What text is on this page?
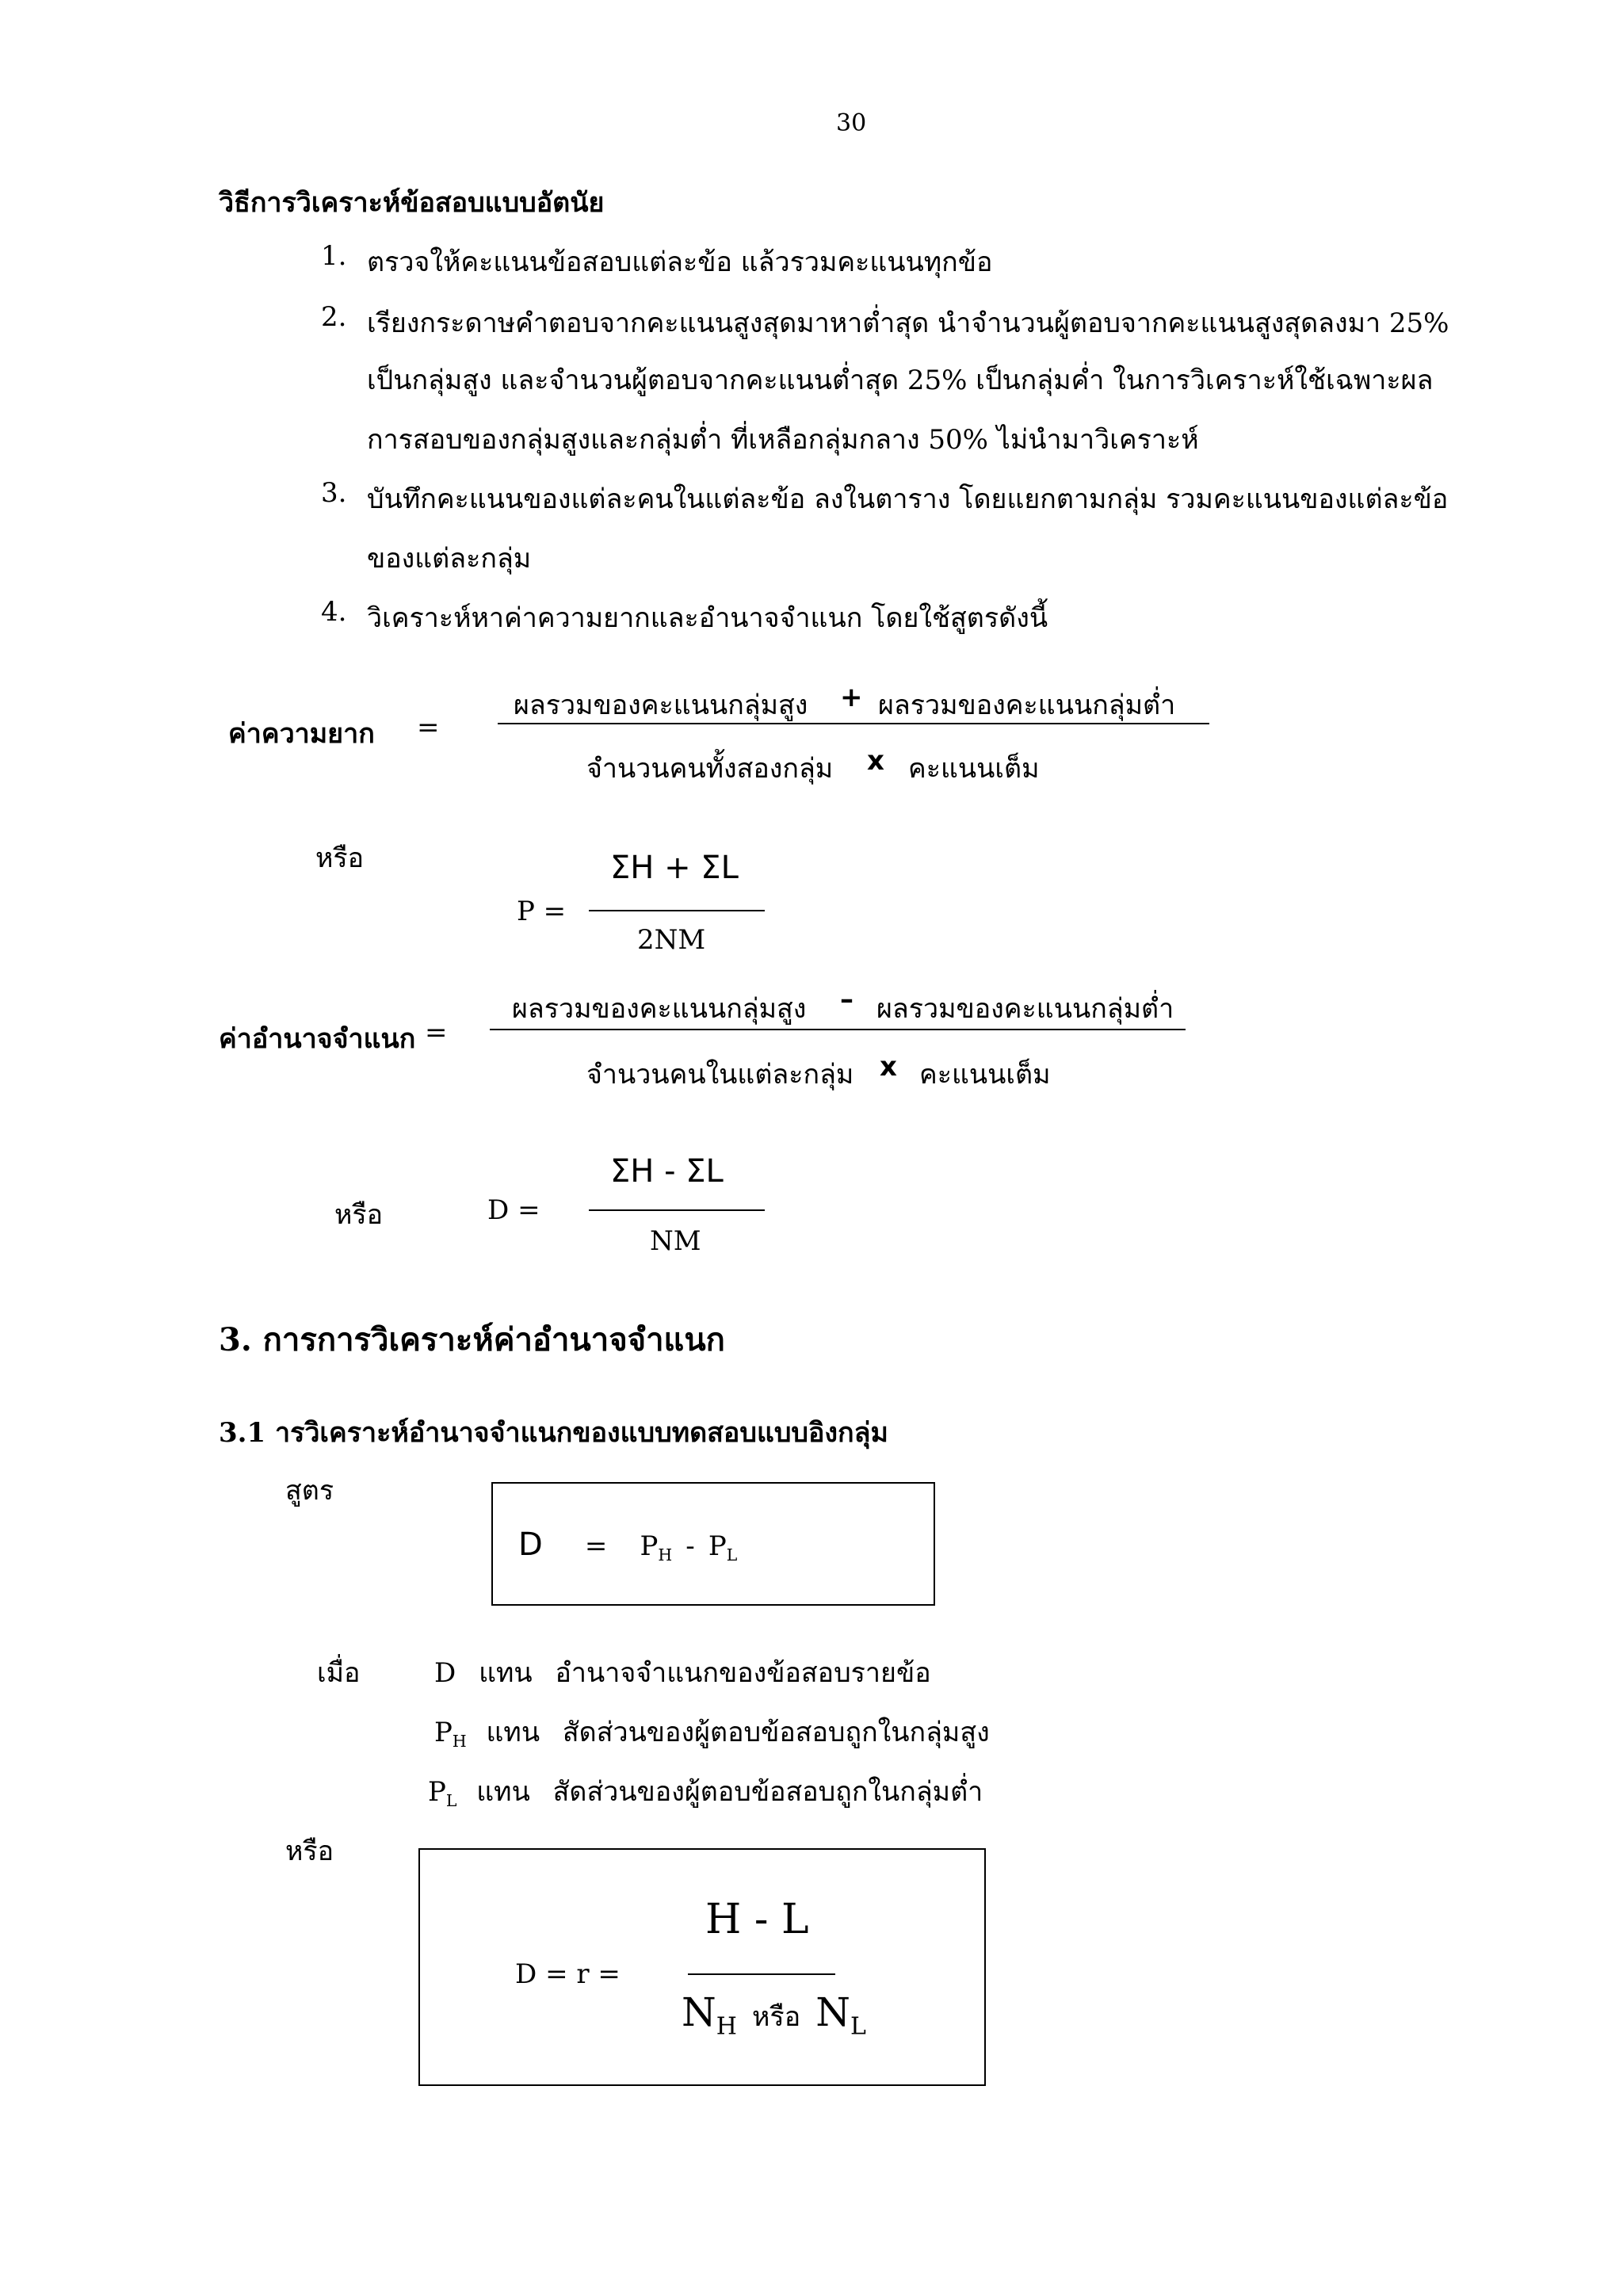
30
วิธีการวิเคราะห์ข้อสอบแบบอัตนัย
1. ตรวจให้คะแนนข้อสอบแต่ละข้อ แล้วรวมคะแนนทุกข้อ
2. เรียงกระดาษคำตอบจากคะแนนสูงสุดมาหาต่ำสุด นำจำนวนผู้ตอบจากคะแนนสูงสุดลงมา 25%
เป็นกลุ่มสูง และจำนวนผู้ตอบจากคะแนนต่ำสุด 25% เป็นกลุ่มค่ำ ในการวิเคราะห์ใช้เฉพาะผล
การสอบของกลุ่มสูงและกลุ่มต่ำ ที่เหลือกลุ่มกลาง 50% ไม่นำมาวิเคราะห์
3. บันทึกคะแนนของแต่ละคนในแต่ละข้อ ลงในตาราง โดยแยกตามกลุ่ม รวมคะแนนของแต่ละข้อ
ของแต่ละกลุ่ม
4. วิเคราะห์หาค่าความยากและอำนาจจำแนก โดยใช้สูตรดังนี้
ค่าความยาก =
ผลรวมของคะแนนกลุ่มสูง + ผลรวมของคะแนนกลุ่มต่ำ
จำนวนคนทั้งสองกลุ่ม x คะแนนเต็ม
หรือ
P =
ΣH + ΣL
2NM
ค่าอำนาจจำแนก =
ผลรวมของคะแนนกลุ่มสูง – ผลรวมของคะแนนกลุ่มต่ำ
จำนวนคนในแต่ละกลุ่ม x คะแนนเต็ม
หรือ	D =
ΣH - ΣL
NM
3. การการวิเคราะห์ค่าอำนาจจำแนก
3.1 ารวิเคราะห์อำนาจจำแนกของแบบทดสอบแบบอิงกลุ่ม
สูตร
$D = P_H - P_L$
เมื่อ	D แทน อำนาจจำแนกของข้อสอบรายข้อ
$P_H$ แทน สัดส่วนของผู้ตอบข้อสอบถูกในกลุ่มสูง
$P_L$ แทน สัดส่วนของผู้ตอบข้อสอบถูกในกลุ่มต่ำ
หรือ
D = r =
H - L
$N_H$ หรือ $N_L$
